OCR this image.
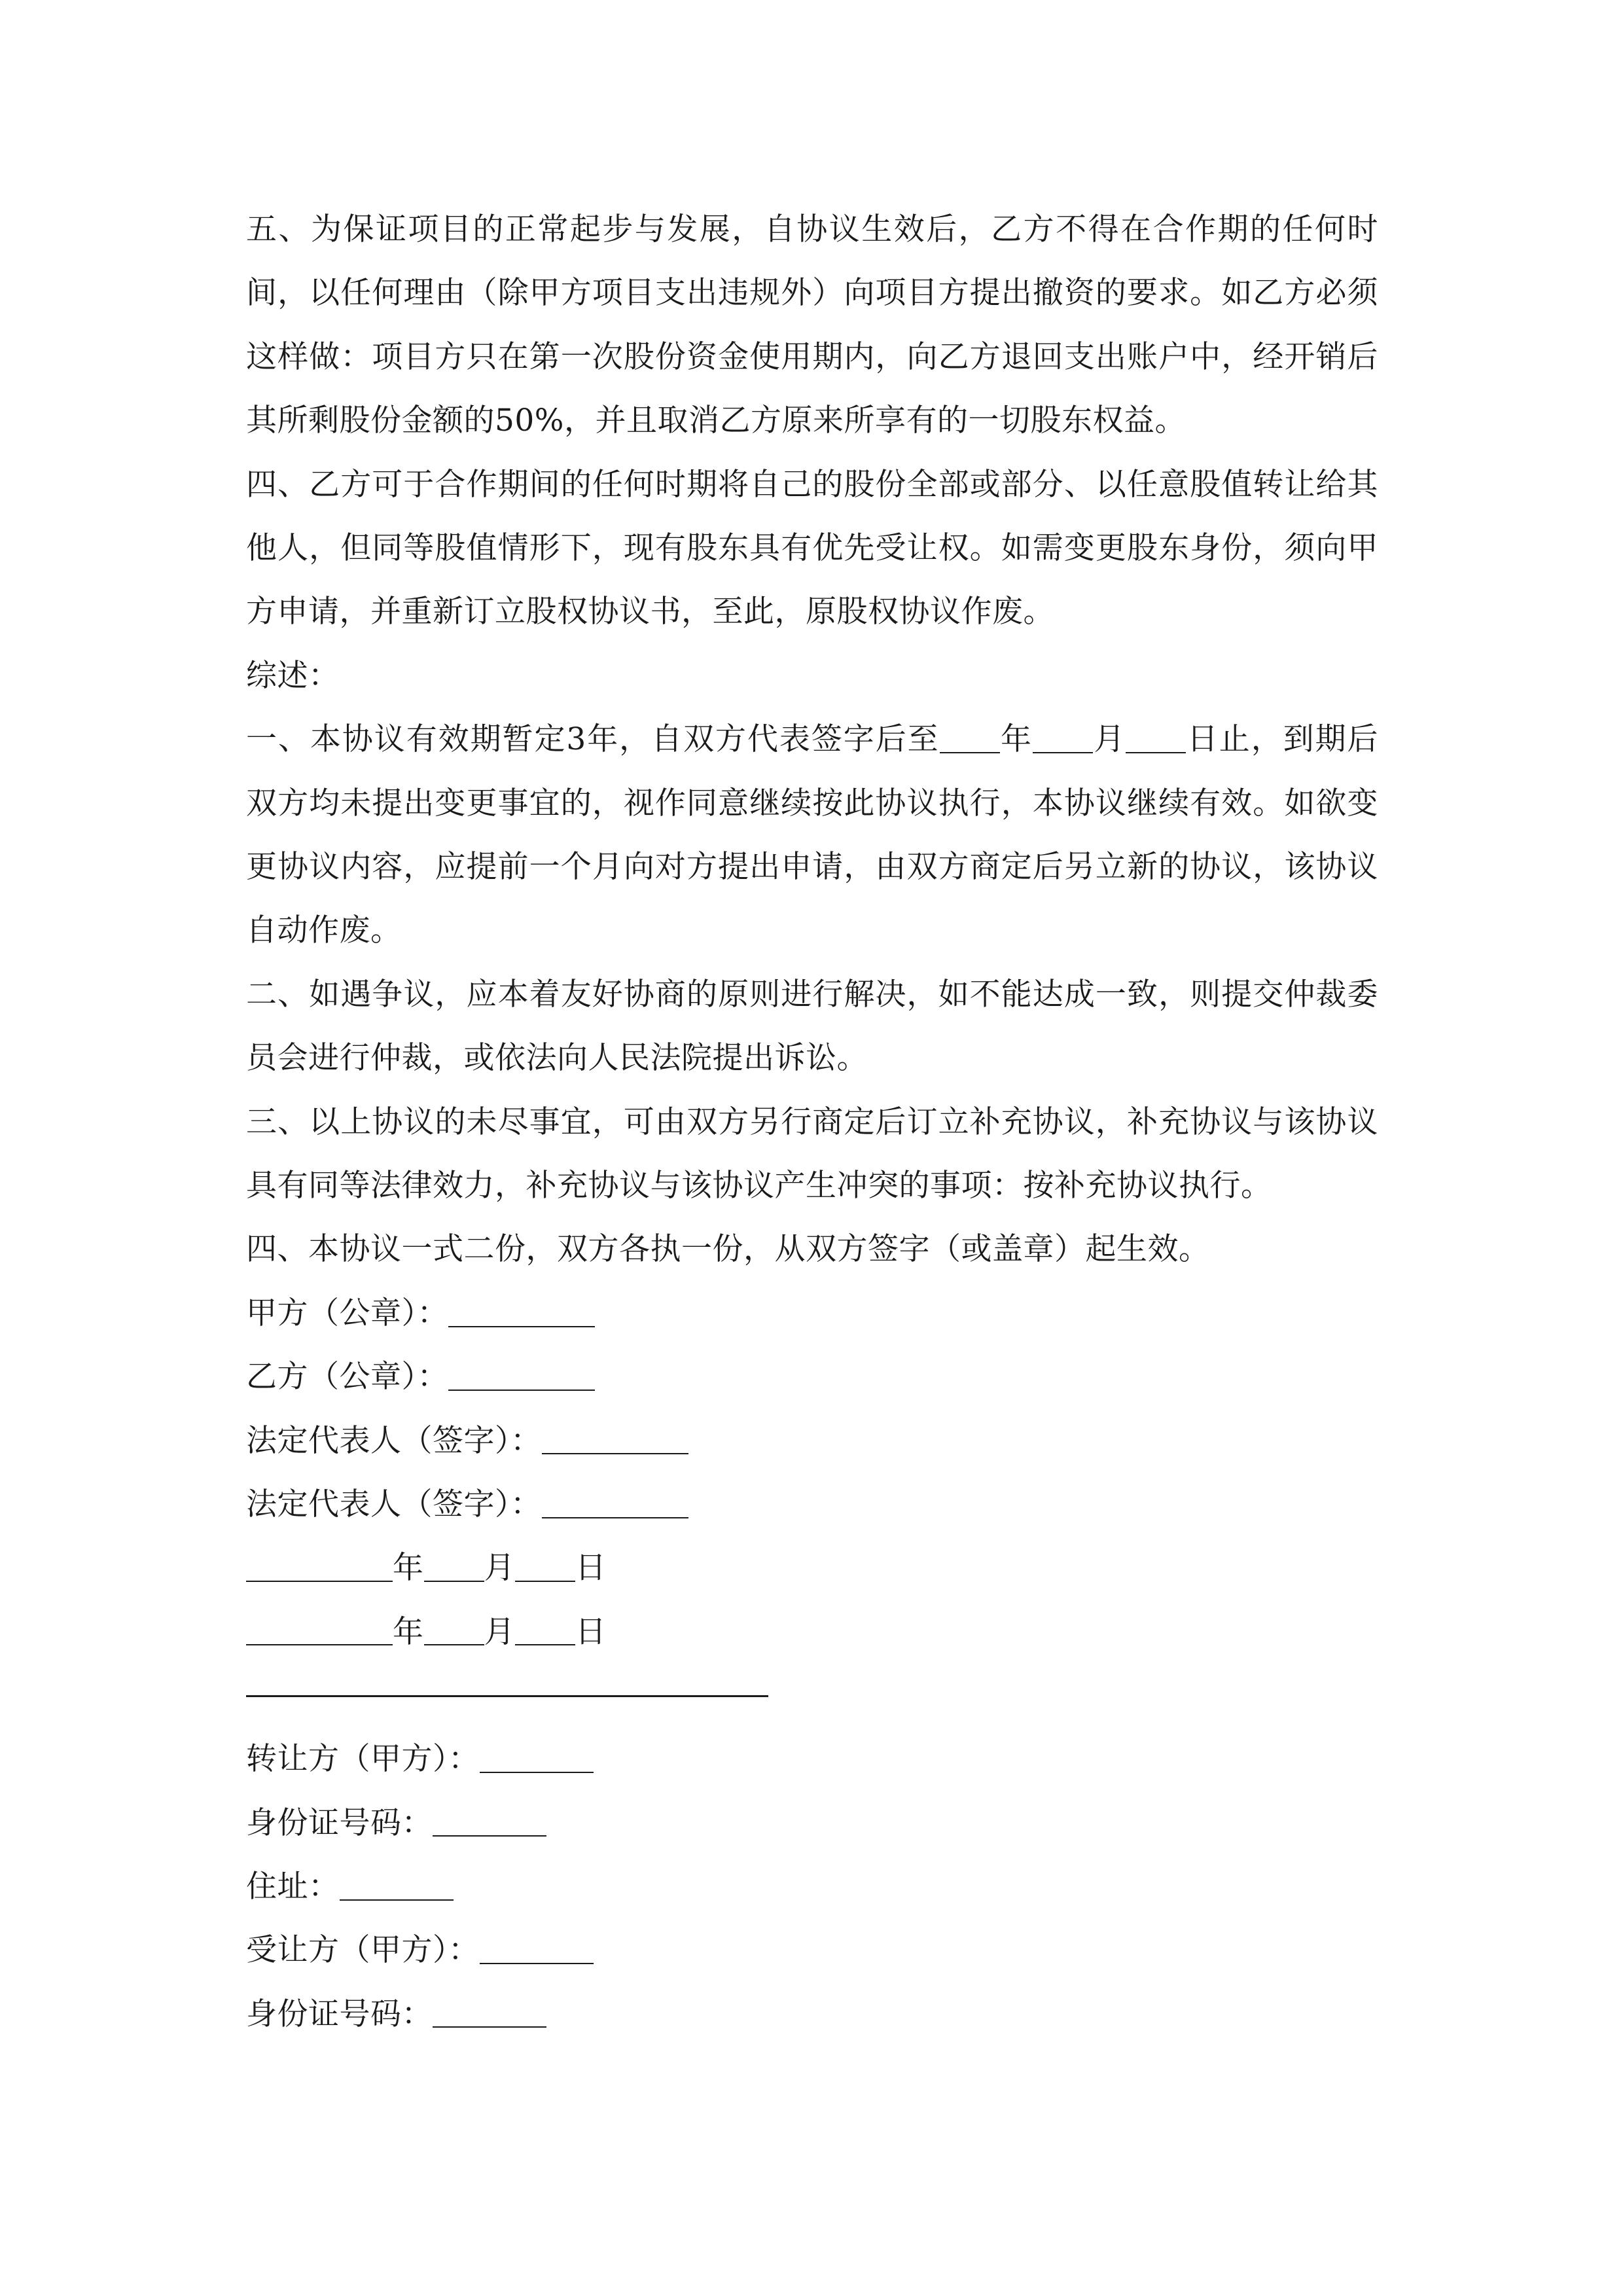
五、为保证项目的正常起步与发展，自协议生效后，乙方不得在合作期的任何时间，以任何理由（除甲方项目支出违规外）向项目方提出撤资的要求。如乙方必须这样做：项目方只在第一次股份资金使用期内，向乙方退回支出账户中，经开销后其所剩股份金额的50%，并且取消乙方原来所享有的一切股东权益。

四、乙方可于合作期间的任何时期将自己的股份全部或部分、以任意股值转让给其他人，但同等股值情形下，现有股东具有优先受让权。如需变更股东身份，须向甲方申请，并重新订立股权协议书，至此，原股权协议作废。

综述：

一、本协议有效期暂定3年，自双方代表签字后至 年 月 日止，到期后双方均未提出变更事宜的，视作同意继续按此协议执行，本协议继续有效。如欲变更协议内容，应提前一个月向对方提出申请，由双方商定后另立新的协议，该协议自动作废。

二、如遇争议，应本着友好协商的原则进行解决，如不能达成一致，则提交仲裁委员会进行仲裁，或依法向人民法院提出诉讼。

三、以上协议的未尽事宜，可由双方另行商定后订立补充协议，补充协议与该协议具有同等法律效力，补充协议与该协议产生冲突的事项：按补充协议执行。

四、本协议一式二份，双方各执一份，从双方签字（或盖章）起生效。

甲方（公章）：

乙方（公章）：

法定代表人（签字）：

法定代表人（签字）：

年 月 日

年 月 日

转让方（甲方）：

身份证号码：

住址：

受让方（甲方）：

身份证号码：
